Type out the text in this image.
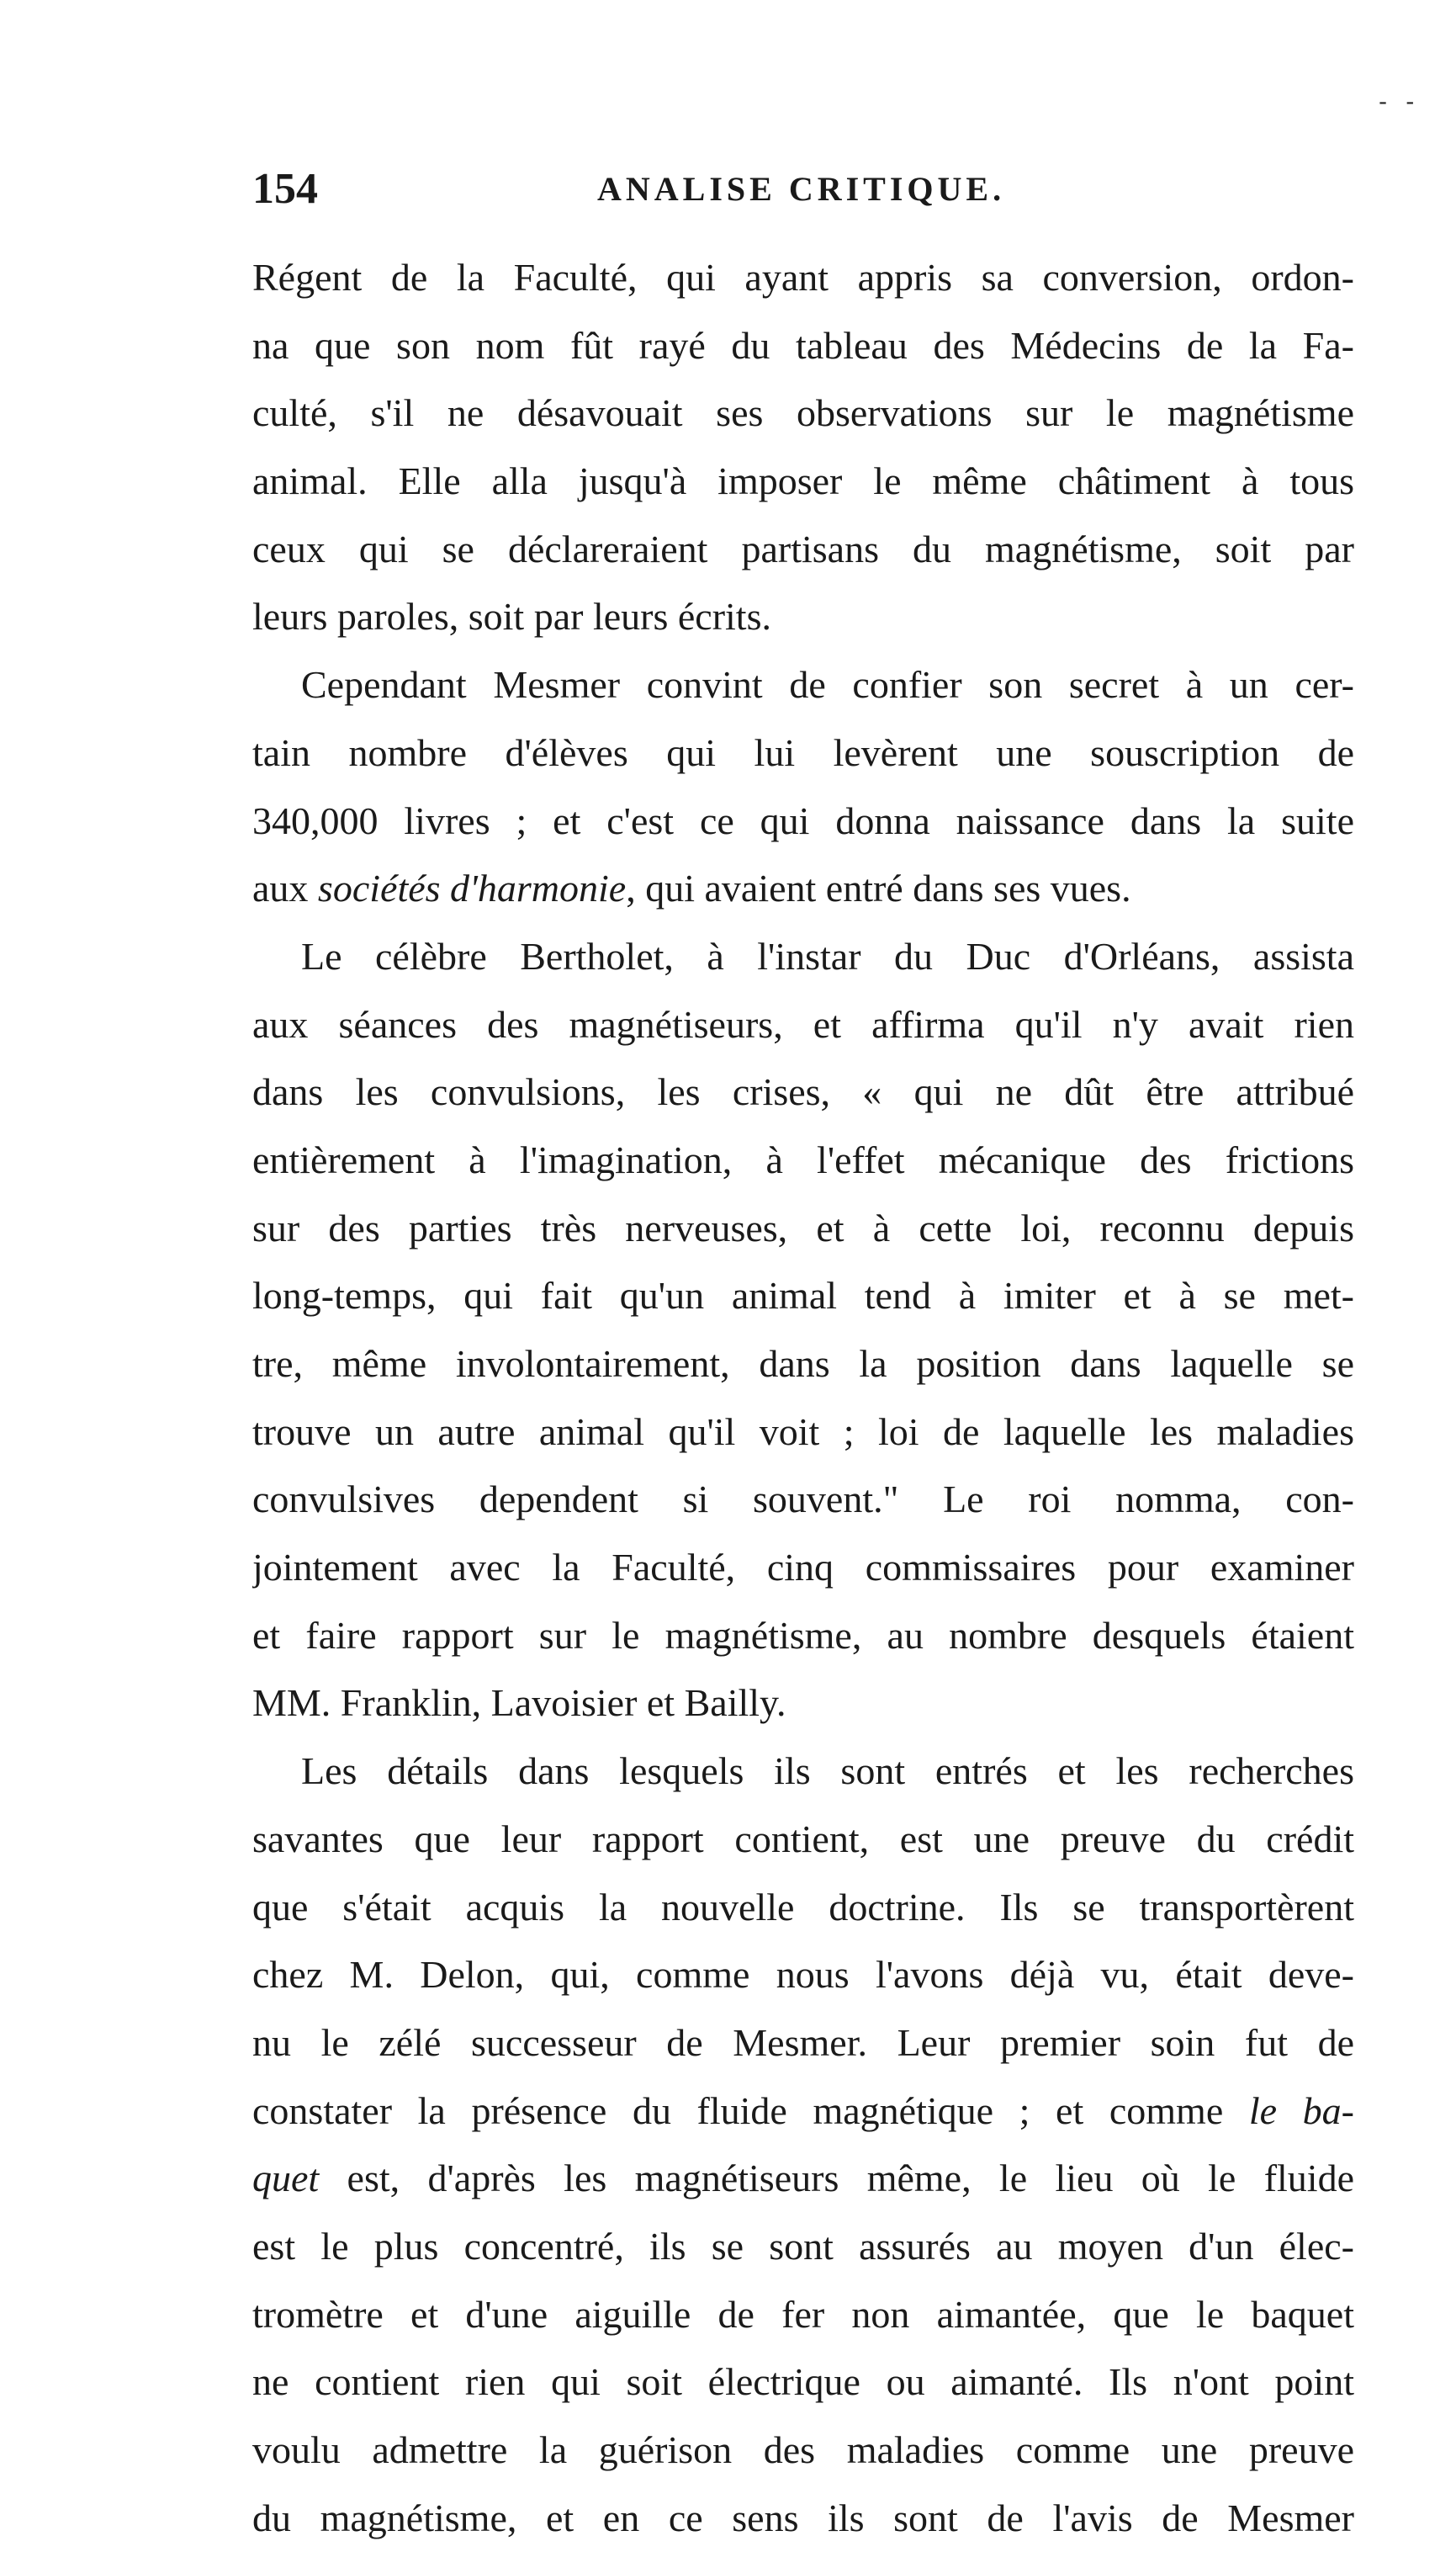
- -
154	ANALISE CRITIQUE.
Régent de la Faculté, qui ayant appris sa conversion, ordon-
na que son nom fût rayé du tableau des Médecins de la Fa-
culté, s'il ne désavouait ses observations sur le magnétisme
animal. Elle alla jusqu'à imposer le même châtiment à tous
ceux qui se déclareraient partisans du magnétisme, soit par
leurs paroles, soit par leurs écrits.
Cependant Mesmer convint de confier son secret à un cer-
tain nombre d'élèves qui lui levèrent une souscription de
340,000 livres ; et c'est ce qui donna naissance dans la suite
aux sociétés d'harmonie, qui avaient entré dans ses vues.
Le célèbre Bertholet, à l'instar du Duc d'Orléans, assista
aux séances des magnétiseurs, et affirma qu'il n'y avait rien
dans les convulsions, les crises, « qui ne dût être attribué
entièrement à l'imagination, à l'effet mécanique des frictions
sur des parties très nerveuses, et à cette loi, reconnu depuis
long-temps, qui fait qu'un animal tend à imiter et à se met-
tre, même involontairement, dans la position dans laquelle se
trouve un autre animal qu'il voit ; loi de laquelle les maladies
convulsives dependent si souvent." Le roi nomma, con-
jointement avec la Faculté, cinq commissaires pour examiner
et faire rapport sur le magnétisme, au nombre desquels étaient
MM. Franklin, Lavoisier et Bailly.
Les détails dans lesquels ils sont entrés et les recherches
savantes que leur rapport contient, est une preuve du crédit
que s'était acquis la nouvelle doctrine. Ils se transportèrent
chez M. Delon, qui, comme nous l'avons déjà vu, était deve-
nu le zélé successeur de Mesmer. Leur premier soin fut de
constater la présence du fluide magnétique ; et comme le ba-
quet est, d'après les magnétiseurs même, le lieu où le fluide
est le plus concentré, ils se sont assurés au moyen d'un élec-
tromètre et d'une aiguille de fer non aimantée, que le baquet
ne contient rien qui soit électrique ou aimanté. Ils n'ont point
voulu admettre la guérison des maladies comme une preuve
du magnétisme, et en ce sens ils sont de l'avis de Mesmer
